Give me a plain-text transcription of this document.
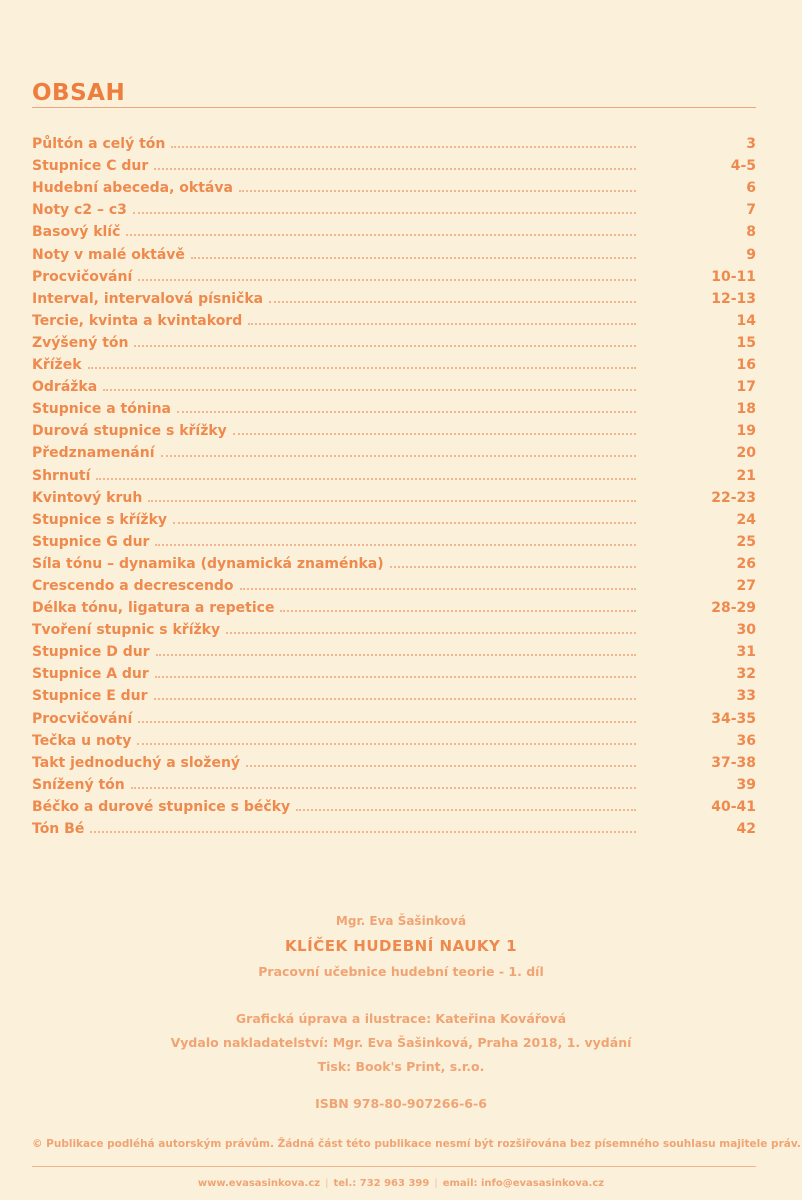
OBSAH
Půltón a celý tón	3
Stupnice C dur	4-5
Hudební abeceda, oktáva	6
Noty c2 – c3	7
Basový klíč	8
Noty v malé oktávě	9
Procvičování	10-11
Interval, intervalová písnička	12-13
Tercie, kvinta a kvintakord	14
Zvýšený tón	15
Křížek	16
Odrážka	17
Stupnice a tónina	18
Durová stupnice s křížky	19
Předznamenání	20
Shrnutí	21
Kvintový kruh	22-23
Stupnice s křížky	24
Stupnice G dur	25
Síla tónu – dynamika (dynamická znaménka)	26
Crescendo a decrescendo	27
Délka tónu, ligatura a repetice	28-29
Tvoření stupnic s křížky	30
Stupnice D dur	31
Stupnice A dur	32
Stupnice E dur	33
Procvičování	34-35
Tečka u noty	36
Takt jednoduchý a složený	37-38
Snížený tón	39
Béčko a durové stupnice s béčky	40-41
Tón Bé	42
Mgr. Eva Šašinková
KLÍČEK HUDEBNÍ NAUKY 1
Pracovní učebnice hudební teorie - 1. díl
Grafická úprava a ilustrace: Kateřina Kovářová
Vydalo nakladatelství: Mgr. Eva Šašinková, Praha 2018, 1. vydání
Tisk: Book's Print, s.r.o.
ISBN 978-80-907266-6-6
© Publikace podléhá autorským právům. Žádná část této publikace nesmí být rozšiřována bez písemného souhlasu majitele práv.
www.evasasinkova.cz | tel.: 732 963 399 | email: info@evasasinkova.cz
